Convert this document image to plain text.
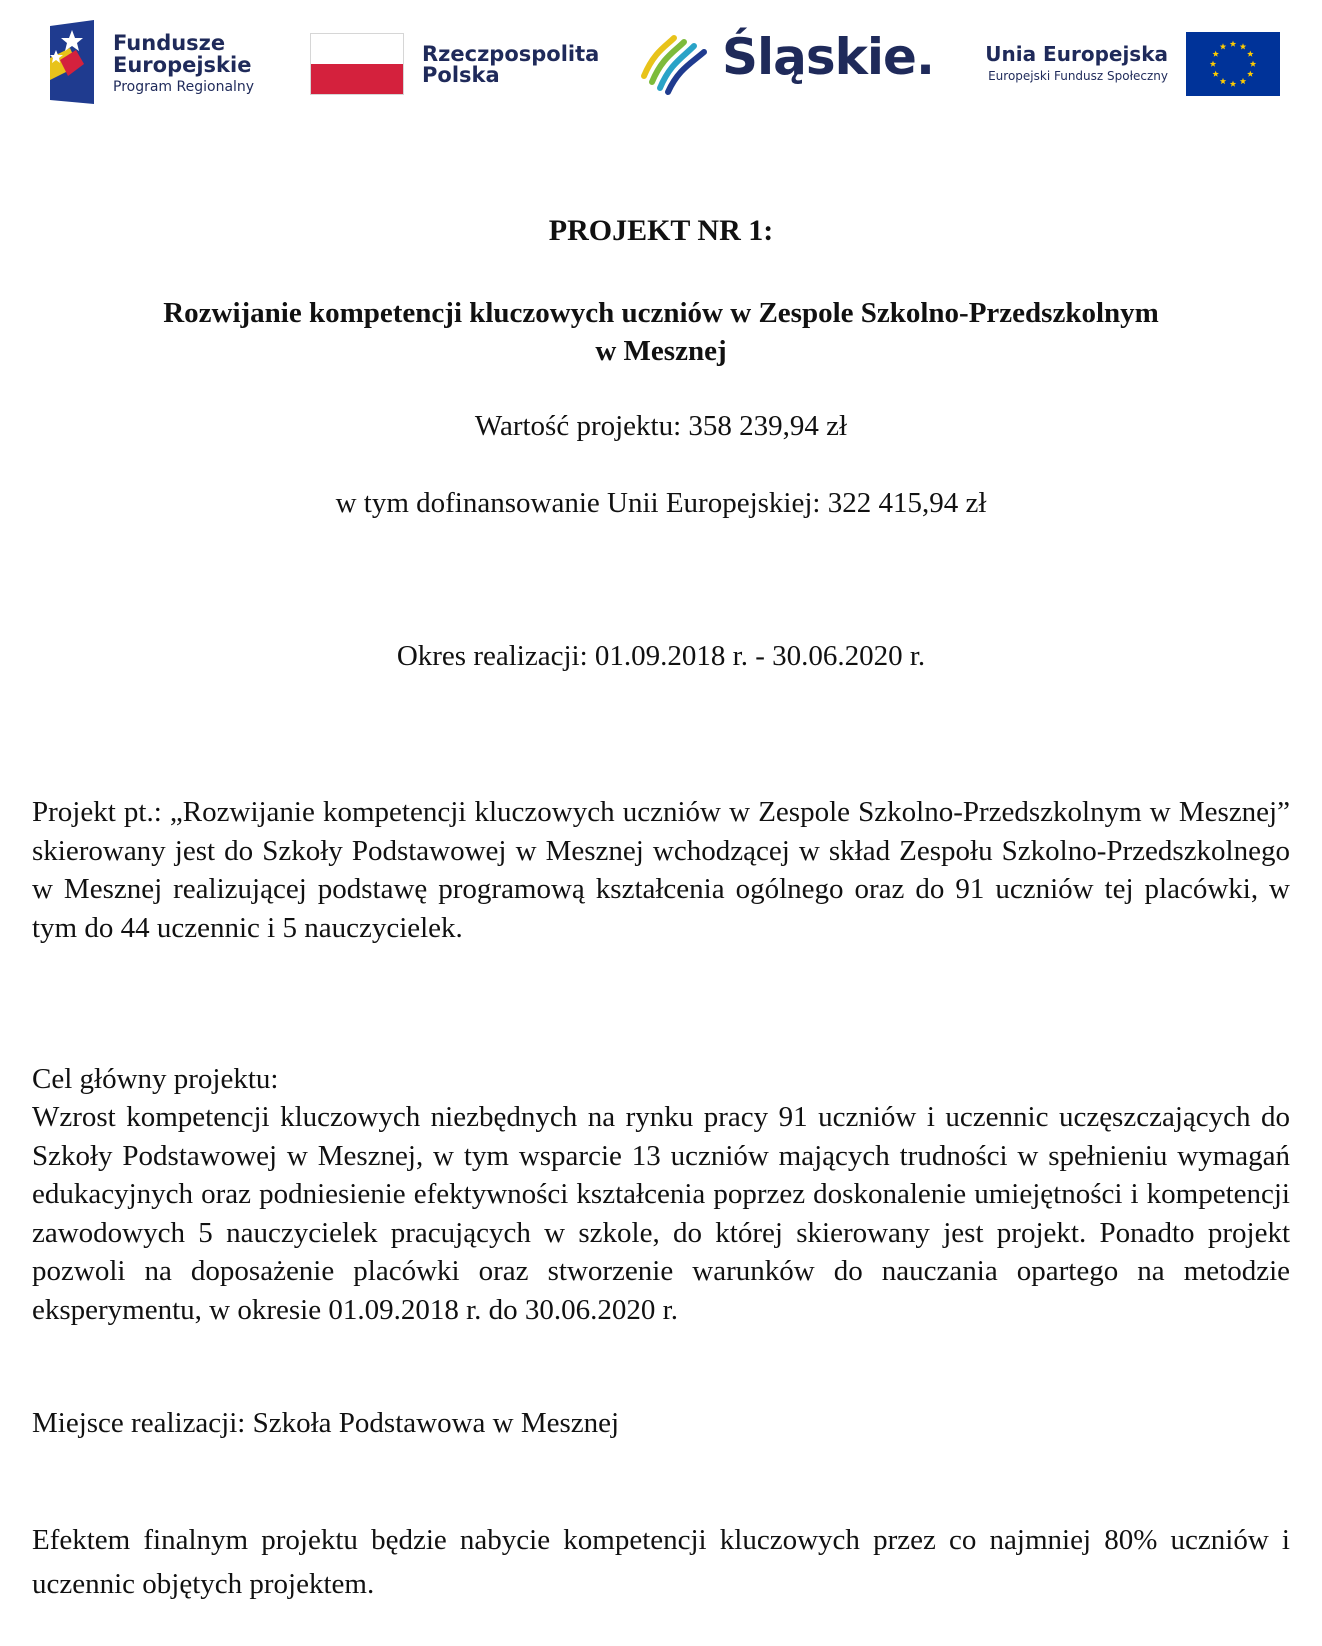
Fundusze
Europejskie
Program Regionalny
Rzeczpospolita
Polska	Śląskie.	Unia Europejska
Europejski Fundusz Społeczny
PROJEKT NR 1:
Rozwijanie kompetencji kluczowych uczniów w Zespole Szkolno-Przedszkolnym
w Mesznej

Wartość projektu: 358 239,94 zł

w tym dofinansowanie Unii Europejskiej: 322 415,94 zł

Okres realizacji: 01.09.2018 r. - 30.06.2020 r.

Projekt pt.: „Rozwijanie kompetencji kluczowych uczniów w Zespole Szkolno-Przedszkolnym w Mesznej” skierowany jest do Szkoły Podstawowej w Mesznej wchodzącej w skład Zespołu Szkolno-Przedszkolnego w Mesznej realizującej podstawę programową kształcenia ogólnego oraz do 91 uczniów tej placówki, w tym do 44 uczennic i 5 nauczycielek.

Cel główny projektu:

Wzrost kompetencji kluczowych niezbędnych na rynku pracy 91 uczniów i uczennic uczęszczających do Szkoły Podstawowej w Mesznej, w tym wsparcie 13 uczniów mających trudności w spełnieniu wymagań edukacyjnych oraz podniesienie efektywności kształcenia poprzez doskonalenie umiejętności i kompetencji zawodowych 5 nauczycielek pracujących w szkole, do której skierowany jest projekt. Ponadto projekt pozwoli na doposażenie placówki oraz stworzenie warunków do nauczania opartego na metodzie eksperymentu, w okresie 01.09.2018 r. do 30.06.2020 r.

Miejsce realizacji: Szkoła Podstawowa w Mesznej

Efektem finalnym projektu będzie nabycie kompetencji kluczowych przez co najmniej 80% uczniów i uczennic objętych projektem.
